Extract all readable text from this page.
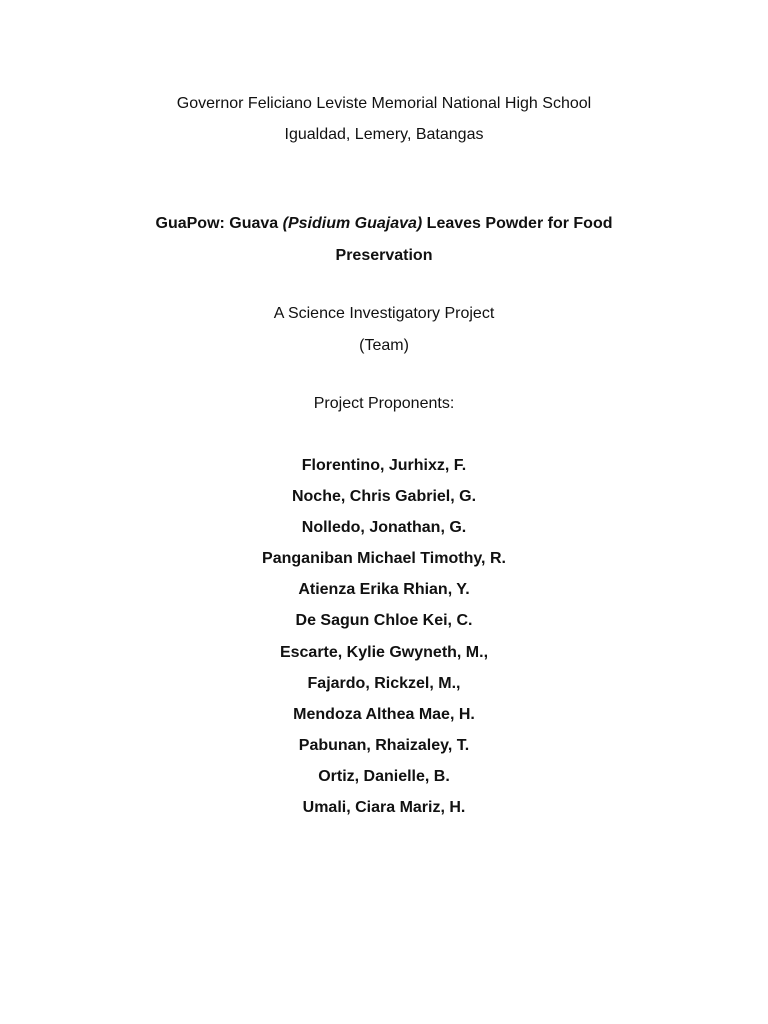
Governor Feliciano Leviste Memorial National High School
Igualdad, Lemery, Batangas
GuaPow: Guava (Psidium Guajava) Leaves Powder for Food
Preservation
A Science Investigatory Project
(Team)
Project Proponents:
Florentino, Jurhixz, F.
Noche, Chris Gabriel, G.
Nolledo, Jonathan, G.
Panganiban Michael Timothy, R.
Atienza Erika Rhian, Y.
De Sagun Chloe Kei, C.
Escarte, Kylie Gwyneth, M.,
Fajardo, Rickzel, M.,
Mendoza Althea Mae, H.
Pabunan, Rhaizaley, T.
Ortiz, Danielle, B.
Umali, Ciara Mariz, H.
